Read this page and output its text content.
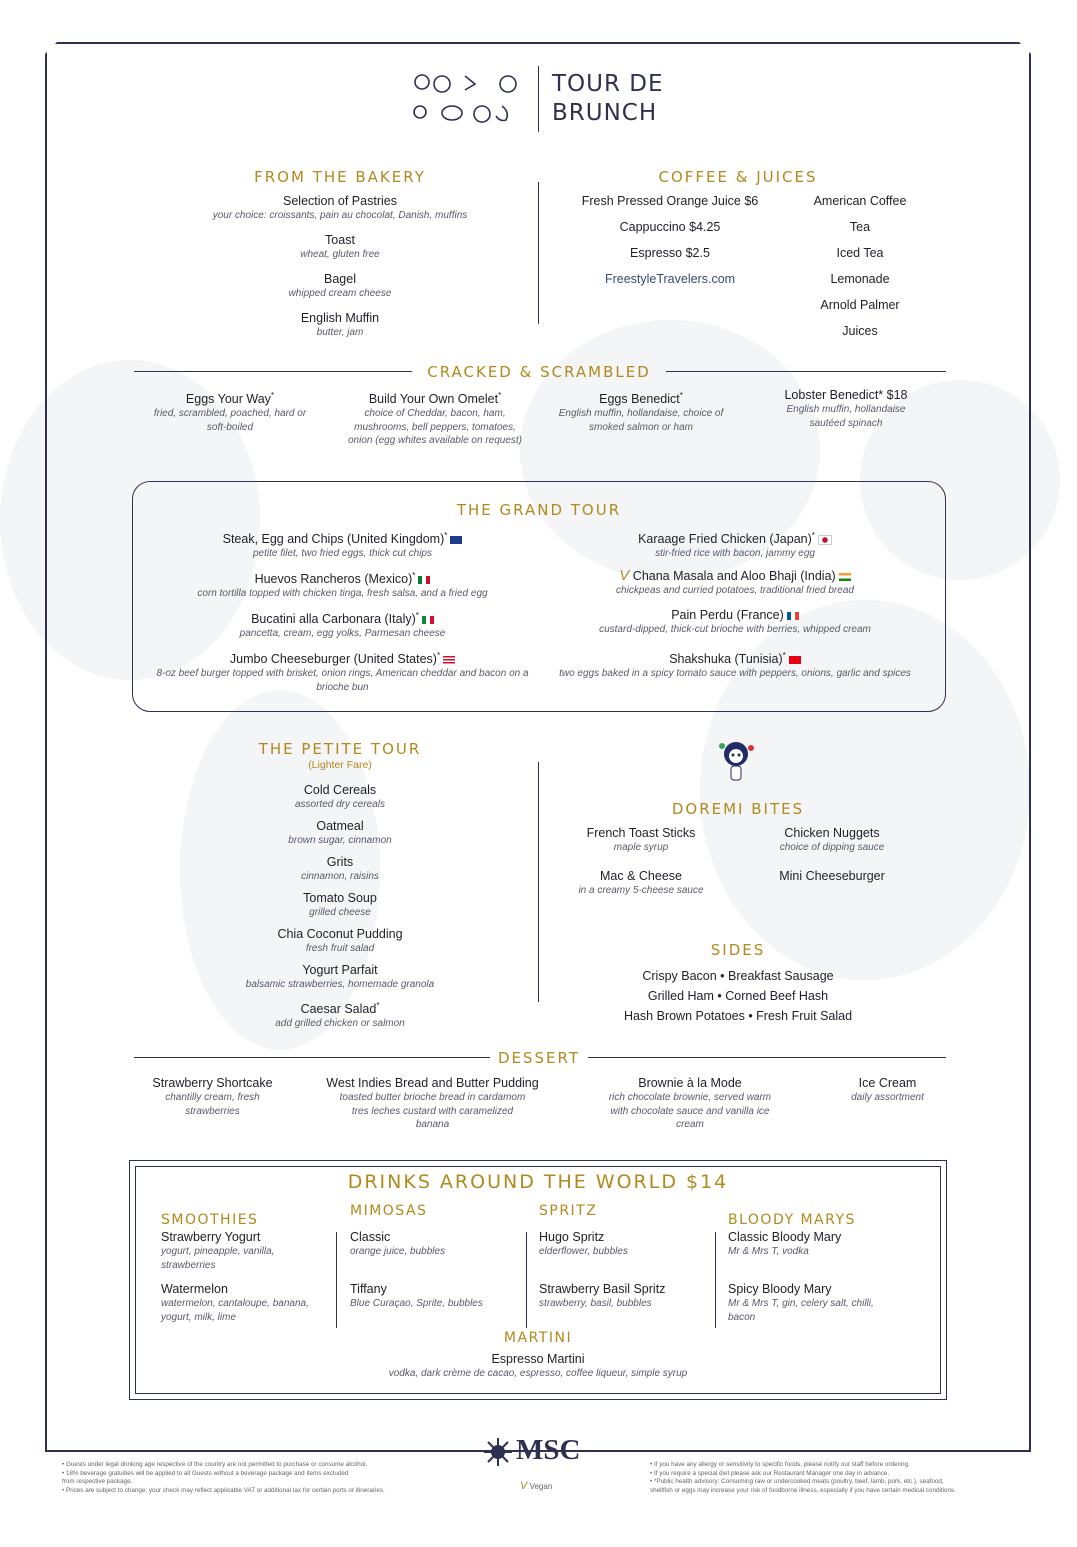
TOUR DE
BRUNCH
FROM THE BAKERY
Selection of Pastries
your choice: croissants, pain au chocolat, Danish, muffins
Toast
wheat, gluten free
Bagel
whipped cream cheese
English Muffin
butter, jam
COFFEE & JUICES
Fresh Pressed Orange Juice $6
Cappuccino $4.25
Espresso $2.5
FreestyleTravelers.com
American Coffee
Tea
Iced Tea
Lemonade
Arnold Palmer
Juices
CRACKED & SCRAMBLED
Eggs Your Way*
fried, scrambled, poached, hard or soft-boiled
Build Your Own Omelet*
choice of Cheddar, bacon, ham, mushrooms, bell peppers, tomatoes, onion (egg whites available on request)
Eggs Benedict*
English muffin, hollandaise, choice of smoked salmon or ham
Lobster Benedict* $18
English muffin, hollandaise sautéed spinach
THE GRAND TOUR
Steak, Egg and Chips (United Kingdom)*
petite filet, two fried eggs, thick cut chips
Huevos Rancheros (Mexico)*
corn tortilla topped with chicken tinga, fresh salsa, and a fried egg
Bucatini alla Carbonara (Italy)*
pancetta, cream, egg yolks, Parmesan cheese
Jumbo Cheeseburger (United States)*
8-oz beef burger topped with brisket, onion rings, American cheddar and bacon on a brioche bun
Karaage Fried Chicken (Japan)*
stir-fried rice with bacon, jammy egg
V Chana Masala and Aloo Bhaji (India)
chickpeas and curried potatoes, traditional fried bread
Pain Perdu (France)
custard-dipped, thick-cut brioche with berries, whipped cream
Shakshuka (Tunisia)*
two eggs baked in a spicy tomato sauce with peppers, onions, garlic and spices
THE PETITE TOUR
(Lighter Fare)
Cold Cereals
assorted dry cereals
Oatmeal
brown sugar, cinnamon
Grits
cinnamon, raisins
Tomato Soup
grilled cheese
Chia Coconut Pudding
fresh fruit salad
Yogurt Parfait
balsamic strawberries, homemade granola
Caesar Salad*
add grilled chicken or salmon
DOREMI BITES
French Toast Sticks
maple syrup
Chicken Nuggets
choice of dipping sauce
Mac & Cheese
in a creamy 5-cheese sauce
Mini Cheeseburger
SIDES
Crispy Bacon • Breakfast Sausage
Grilled Ham • Corned Beef Hash
Hash Brown Potatoes • Fresh Fruit Salad
DESSERT
Strawberry Shortcake
chantilly cream, fresh strawberries
West Indies Bread and Butter Pudding
toasted butter brioche bread in cardamom tres leches custard with caramelized banana
Brownie à la Mode
rich chocolate brownie, served warm with chocolate sauce and vanilla ice cream
Ice Cream
daily assortment
DRINKS AROUND THE WORLD $14
SMOOTHIES
Strawberry Yogurt
yogurt, pineapple, vanilla, strawberries
Watermelon
watermelon, cantaloupe, banana, yogurt, milk, lime
MIMOSAS
Classic
orange juice, bubbles
Tiffany
Blue Curaçao, Sprite, bubbles
SPRITZ
Hugo Spritz
elderflower, bubbles
Strawberry Basil Spritz
strawberry, basil, bubbles
BLOODY MARYS
Classic Bloody Mary
Mr & Mrs T, vodka
Spicy Bloody Mary
Mr & Mrs T, gin, celery salt, chilli, bacon
MARTINI
Espresso Martini
vodka, dark crème de cacao, espresso, coffee liqueur, simple syrup
MSC
V Vegan
• Guests under legal drinking age respective of the country are not permitted to purchase or consume alcohol.
• 18% beverage gratuities will be applied to all Guests without a beverage package and items excluded
from respective package.
• Prices are subject to change; your check may reflect applicable VAT or additional tax for certain ports or itineraries.
• If you have any allergy or sensitivity to specific foods, please notify our staff before ordering.
• If you require a special diet please ask our Restaurant Manager one day in advance.
• *Public health advisory: Consuming raw or undercooked meats (poultry, beef, lamb, pork, etc.), seafood,
shellfish or eggs may increase your risk of foodborne illness, especially if you have certain medical conditions.
